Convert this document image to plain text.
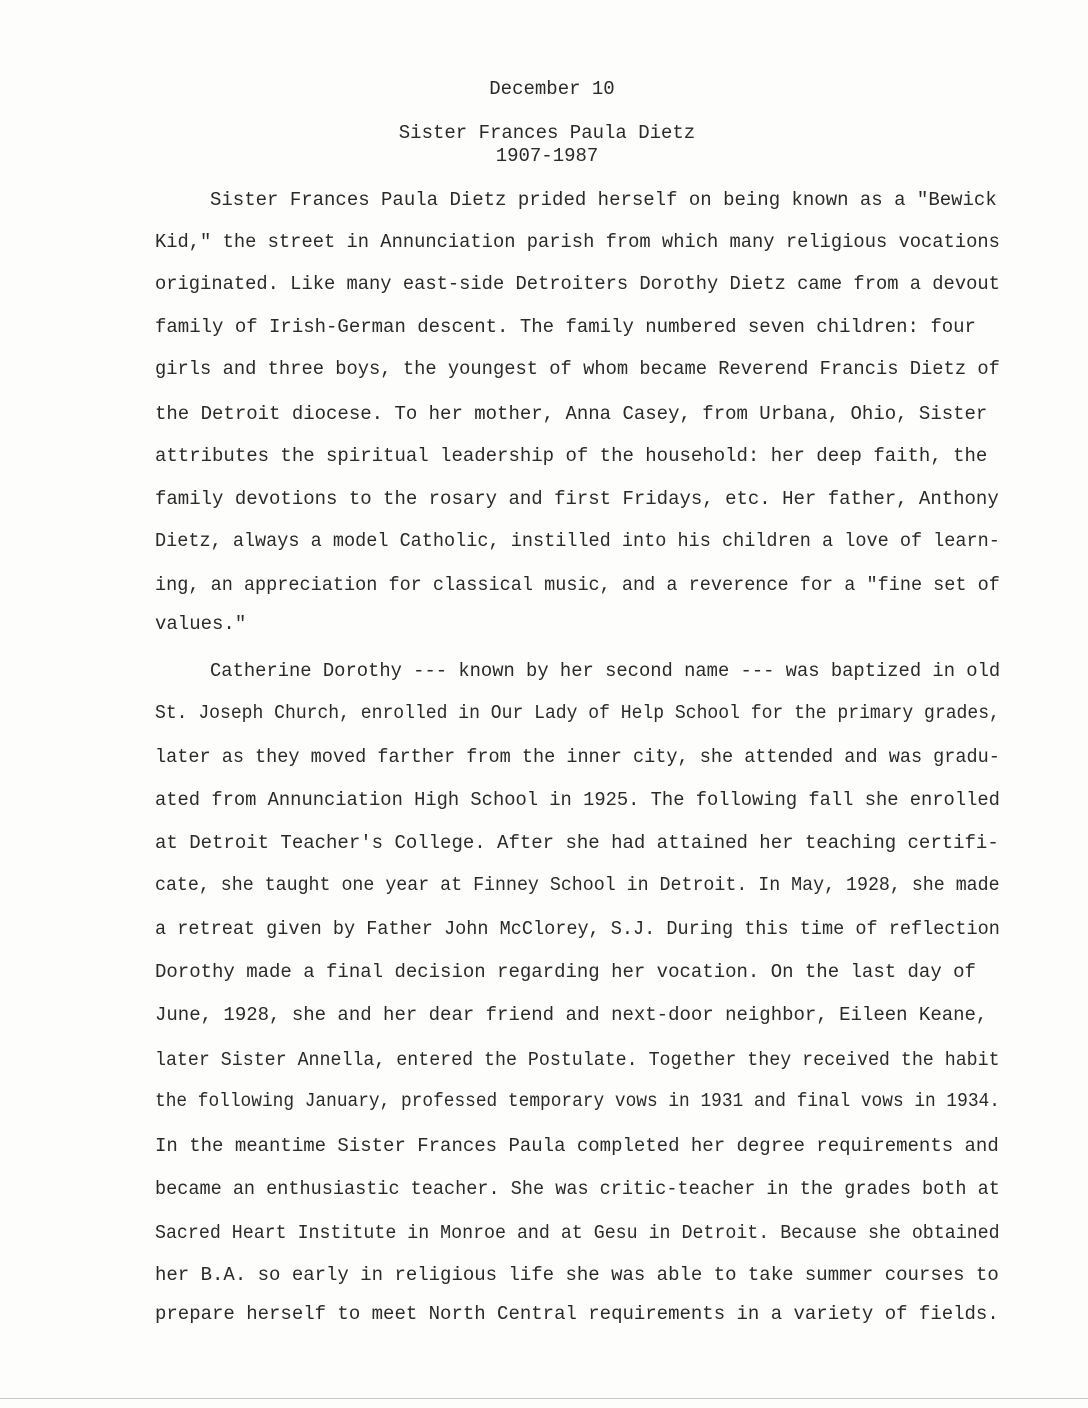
December 10
Sister Frances Paula Dietz
1907-1987
Sister Frances Paula Dietz prided herself on being known as a "Bewick
Kid," the street in Annunciation parish from which many religious vocations
originated. Like many east-side Detroiters Dorothy Dietz came from a devout
family of Irish-German descent. The family numbered seven children: four
girls and three boys, the youngest of whom became Reverend Francis Dietz of
the Detroit diocese. To her mother, Anna Casey, from Urbana, Ohio, Sister
attributes the spiritual leadership of the household: her deep faith, the
family devotions to the rosary and first Fridays, etc. Her father, Anthony
Dietz, always a model Catholic, instilled into his children a love of learn-
ing, an appreciation for classical music, and a reverence for a "fine set of
values."
Catherine Dorothy --- known by her second name --- was baptized in old
St. Joseph Church, enrolled in Our Lady of Help School for the primary grades,
later as they moved farther from the inner city, she attended and was gradu-
ated from Annunciation High School in 1925. The following fall she enrolled
at Detroit Teacher's College. After she had attained her teaching certifi-
cate, she taught one year at Finney School in Detroit. In May, 1928, she made
a retreat given by Father John McClorey, S.J. During this time of reflection
Dorothy made a final decision regarding her vocation. On the last day of
June, 1928, she and her dear friend and next-door neighbor, Eileen Keane,
later Sister Annella, entered the Postulate. Together they received the habit
the following January, professed temporary vows in 1931 and final vows in 1934.
In the meantime Sister Frances Paula completed her degree requirements and
became an enthusiastic teacher. She was critic-teacher in the grades both at
Sacred Heart Institute in Monroe and at Gesu in Detroit. Because she obtained
her B.A. so early in religious life she was able to take summer courses to
prepare herself to meet North Central requirements in a variety of fields.
